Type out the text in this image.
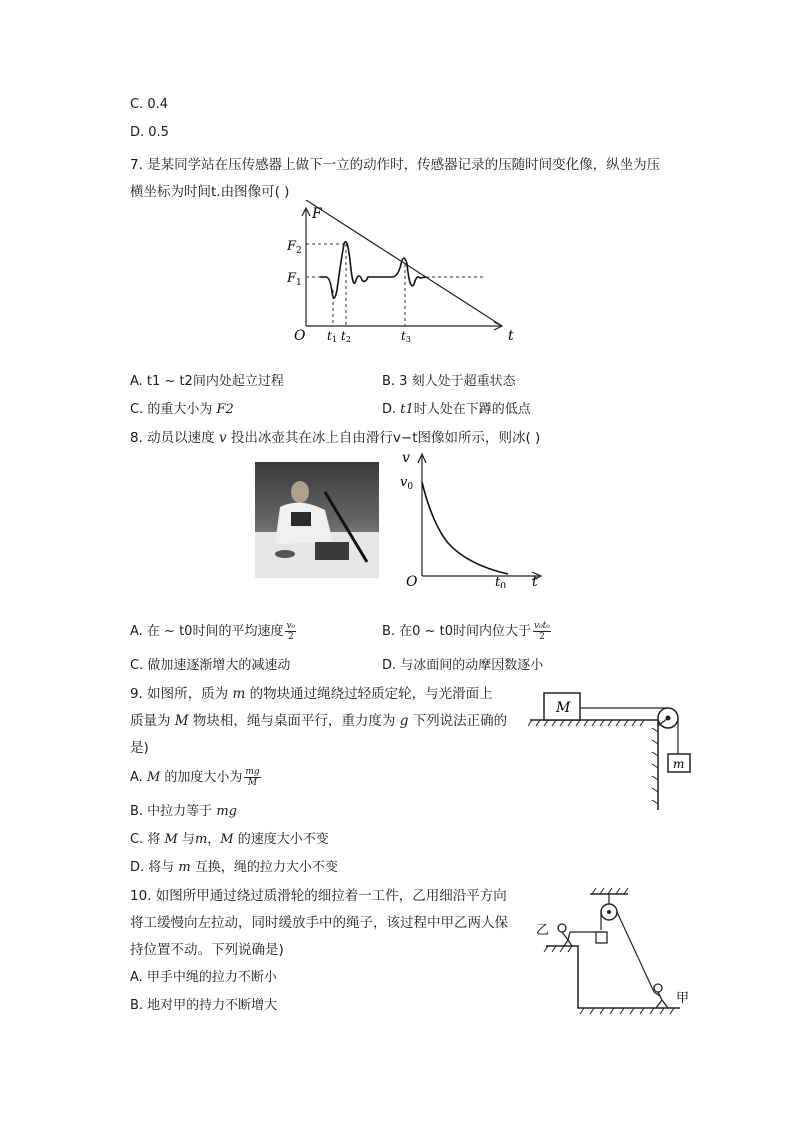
C. 0.4
D. 0.5
7. 是某同学站在压传感器上做下一立的动作时，传感器记录的压随时间变化像，纵坐为压
横坐标为时间t.由图像可( )
F
t
O
$F_2$
$F_1$
t1 t2	t3
A. t1 ~ t2间内处起立过程	B. 3 刻人处于超重状态
C. 的重大小为 F2	D. t1时人处在下蹲的低点
8. 动员以速度 v 投出冰壶其在冰上自由滑行v−t图像如所示，则冰( )
v
t
O
$v_0$
$t_0$
A. 在 ~ t0时间的平均速度 $\frac{\text{v₀}}{2}$	B. 在0 ~ t0时间内位大于 $\frac{\text{v₀t₀}}{2}$
C. 做加速逐渐增大的减速动	D. 与冰面间的动摩因数逐小
9. 如图所，质为 m 的物块通过绳绕过轻质定轮，与光滑面上
质量为 M 物块相，绳与桌面平行，重力度为 g 下列说法正确的
是)
M
m
A. M 的加度大小为 $\frac{mg}{M}$
B. 中拉力等于 mg
C. 将 M 与m，M 的速度大小不变
D. 将与 m 互换，绳的拉力大小不变
10. 如图所甲通过绕过质滑轮的细拉着一工件，乙用细沿平方向
将工缓慢向左拉动，同时缓放手中的绳子，该过程中甲乙两人保
持位置不动。下列说确是)
乙
甲
A. 甲手中绳的拉力不断小
B. 地对甲的持力不断增大
